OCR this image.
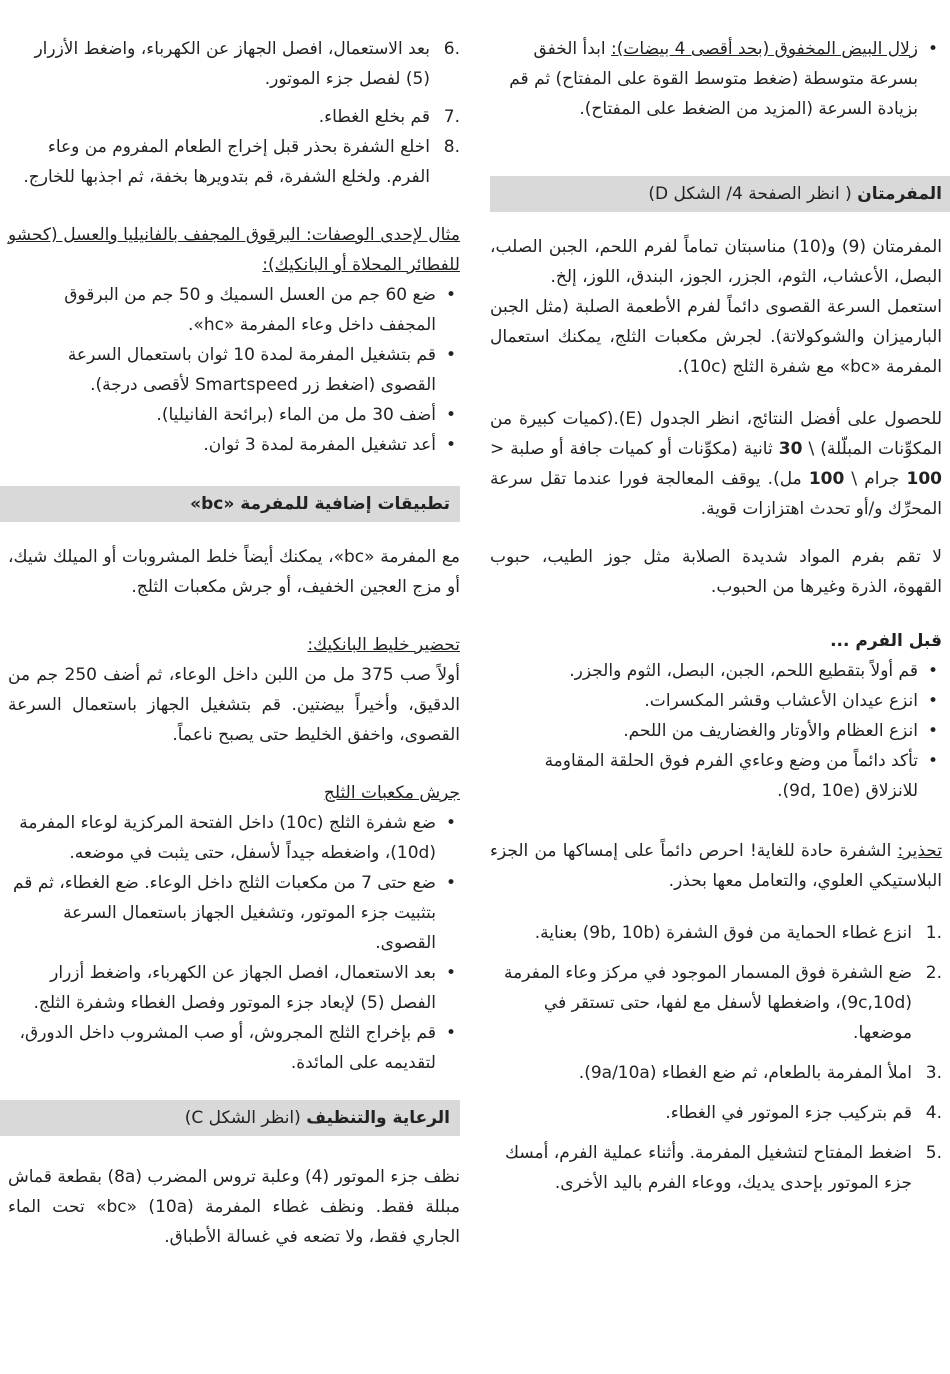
• زلال البيض المخفوق (بحد أقصى 4 بيضات): ابدأ الخفق بسرعة متوسطة (ضغط متوسط القوة على المفتاح) ثم قم بزيادة السرعة (المزيد من الضغط على المفتاح).
المفرمتان ( انظر الصفحة 4/ الشكل D)

المفرمتان (9) و(10) مناسبتان تماماً لفرم اللحم، الجبن الصلب، البصل، الأعشاب، الثوم، الجزر، الجوز، البندق، اللوز، إلخ.

استعمل السرعة القصوى دائماً لفرم الأطعمة الصلبة (مثل الجبن البارميزان والشوكولاتة). لجرش مكعبات الثلج، يمكنك استعمال المفرمة «bc» مع شفرة الثلج (10c).

للحصول على أفضل النتائج، انظر الجدول (E).(كميات كبيرة من المكوِّنات المبلّلة) \ 30 ثانية (مكوِّنات أو كميات جافة أو صلبة < 100 جرام \ 100 مل). يوقف المعالجة فورا عندما تقل سرعة المحرِّك و/أو تحدث اهتزازات قوية.

لا تقم بفرم المواد شديدة الصلابة مثل جوز الطيب، حبوب القهوة، الذرة وغيرها من الحبوب.

قبل الفرم ...
• قم أولاً بتقطيع اللحم، الجبن، البصل، الثوم والجزر.
• انزع عيدان الأعشاب وقشر المكسرات.
• انزع العظام والأوتار والغضاريف من اللحم.
• تأكد دائماً من وضع وعاءي الفرم فوق الحلقة المقاومة للانزلاق (9d, 10e).

تحذير: الشفرة حادة للغاية! احرص دائماً على إمساكها من الجزء البلاستيكي العلوي، والتعامل معها بحذر.

1.
انزع غطاء الحماية من فوق الشفرة (9b, 10b) بعناية.
2.
ضع الشفرة فوق المسمار الموجود في مركز وعاء المفرمة (9c,10d)، واضغطها لأسفل مع لفها، حتى تستقر في موضعها.
3.
املأ المفرمة بالطعام، ثم ضع الغطاء (9a/10a).
4.
قم بتركيب جزء الموتور في الغطاء.
5.
اضغط المفتاح لتشغيل المفرمة. وأثناء عملية الفرم، أمسك جزء الموتور بإحدى يديك، ووعاء الفرم باليد الأخرى.
6.
بعد الاستعمال، افصل الجهاز عن الكهرباء، واضغط الأزرار (5) لفصل جزء الموتور.
7.
قم بخلع الغطاء.
8.
اخلع الشفرة بحذر قبل إخراج الطعام المفروم من وعاء الفرم. ولخلع الشفرة، قم بتدويرها بخفة، ثم اجذبها للخارج.

مثال لإحدى الوصفات: البرقوق المجفف بالفانيليا والعسل (كحشو للفطائر المحلاة أو البانكيك):

• ضع 60 جم من العسل السميك و 50 جم من البرقوق المجفف داخل وعاء المفرمة «hc».
• قم بتشغيل المفرمة لمدة 10 ثوان باستعمال السرعة القصوى (اضغط زر Smartspeed لأقصى درجة).
• أضف 30 مل من الماء (برائحة الفانيليا).
• أعد تشغيل المفرمة لمدة 3 ثوان.
تطبيقات إضافية للمفرمة «bc»

مع المفرمة «bc»، يمكنك أيضاً خلط المشروبات أو الميلك شيك، أو مزج العجين الخفيف، أو جرش مكعبات الثلج.

تحضير خليط البانكيك:

أولاً صب 375 مل من اللبن داخل الوعاء، ثم أضف 250 جم من الدقيق، وأخيراً بيضتين. قم بتشغيل الجهاز باستعمال السرعة القصوى، واخفق الخليط حتى يصبح ناعماً.

جرش مكعبات الثلج

• ضع شفرة الثلج (10c) داخل الفتحة المركزية لوعاء المفرمة (10d)، واضغطه جيداً لأسفل، حتى يثبت في موضعه.
• ضع حتى 7 من مكعبات الثلج داخل الوعاء. ضع الغطاء، ثم قم بتثبيت جزء الموتور، وتشغيل الجهاز باستعمال السرعة القصوى.
• بعد الاستعمال، افصل الجهاز عن الكهرباء، واضغط أزرار الفصل (5) لإبعاد جزء الموتور وفصل الغطاء وشفرة الثلج.
• قم بإخراج الثلج المجروش، أو صب المشروب داخل الدورق، لتقديمه على المائدة.
الرعاية والتنظيف (انظر الشكل C)

نظف جزء الموتور (4) وعلبة تروس المضرب (8a) بقطعة قماش مبللة فقط. ونظف غطاء المفرمة (10a) «bc» تحت الماء الجاري فقط، ولا تضعه في غسالة الأطباق.
